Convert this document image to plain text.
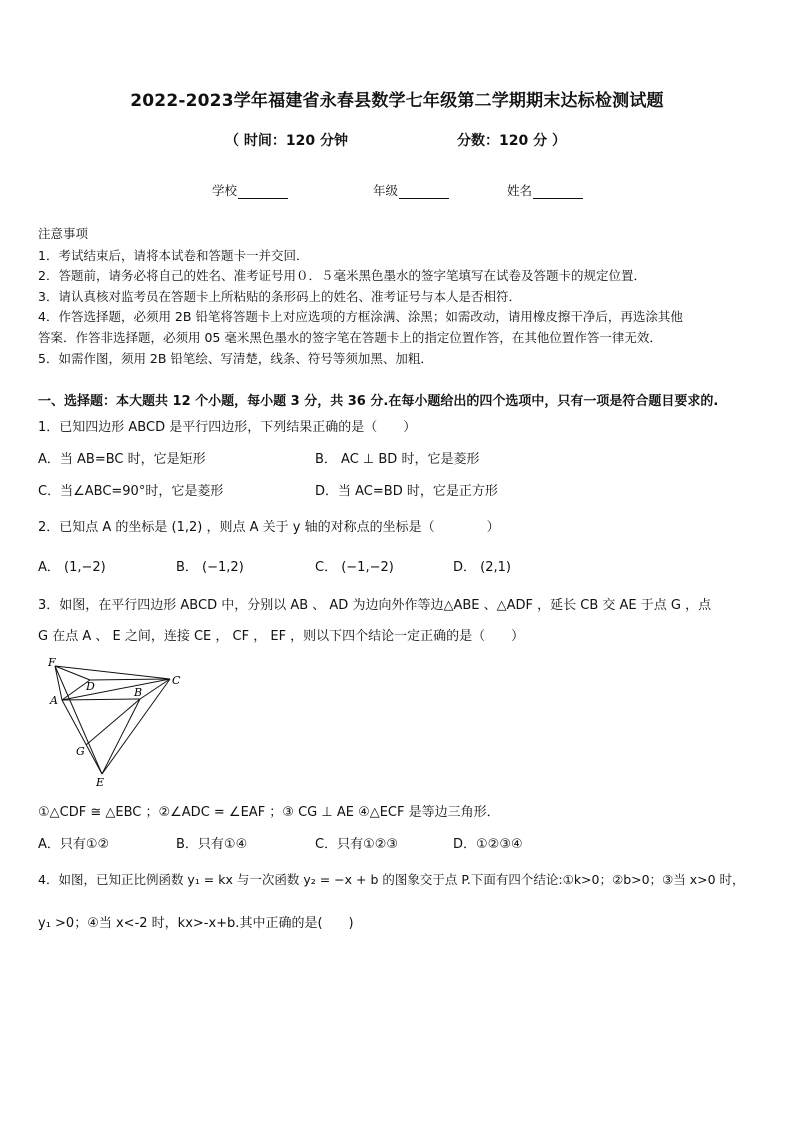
2022-2023学年福建省永春县数学七年级第二学期期末达标检测试题
（ 时间：120 分钟	分数：120 分 ）
学校	年级	姓名
注意事项
1．考试结束后，请将本试卷和答题卡一并交回．
2．答题前，请务必将自己的姓名、准考证号用０．５毫米黑色墨水的签字笔填写在试卷及答题卡的规定位置．
3．请认真核对监考员在答题卡上所粘贴的条形码上的姓名、准考证号与本人是否相符．
4．作答选择题，必须用 2B 铅笔将答题卡上对应选项的方框涂满、涂黑；如需改动，请用橡皮擦干净后，再选涂其他
答案．作答非选择题，必须用 05 毫米黑色墨水的签字笔在答题卡上的指定位置作答，在其他位置作答一律无效．
5．如需作图，须用 2B 铅笔绘、写清楚，线条、符号等须加黑、加粗．
一、选择题：本大题共 12 个小题，每小题 3 分，共 36 分.在每小题给出的四个选项中，只有一项是符合题目要求的.
1．已知四边形 ABCD 是平行四边形，下列结果正确的是（　　）
A．当 AB=BC 时，它是矩形	B． AC ⊥ BD 时，它是菱形
C．当∠ABC=90°时，它是菱形	D．当 AC=BD 时，它是正方形
2．已知点 A 的坐标是 (1,2) ，则点 A 关于 y 轴的对称点的坐标是（　　　　）
A． (1,−2)	B． (−1,2)	C． (−1,−2)	D． (2,1)
3．如图，在平行四边形 ABCD 中，分别以 AB 、 AD 为边向外作等边△ABE 、△ADF ，延长 CB 交 AE 于点 G ，点
G 在点 A 、 E 之间，连接 CE ， CF ， EF ，则以下四个结论一定正确的是（　　）
F
D	C
A
B
G
E
①△CDF ≅ △EBC ；②∠ADC = ∠EAF ；③ CG ⊥ AE ④△ECF 是等边三角形．
A．只有①②	B．只有①④	C．只有①②③	D．①②③④
4．如图，已知正比例函数 y₁ = kx 与一次函数 y₂ = −x + b 的图象交于点 P.下面有四个结论:①k>0；②b>0；③当 x>0 时，
y₁ >0；④当 x<-2 时，kx>-x+b.其中正确的是(　　)
